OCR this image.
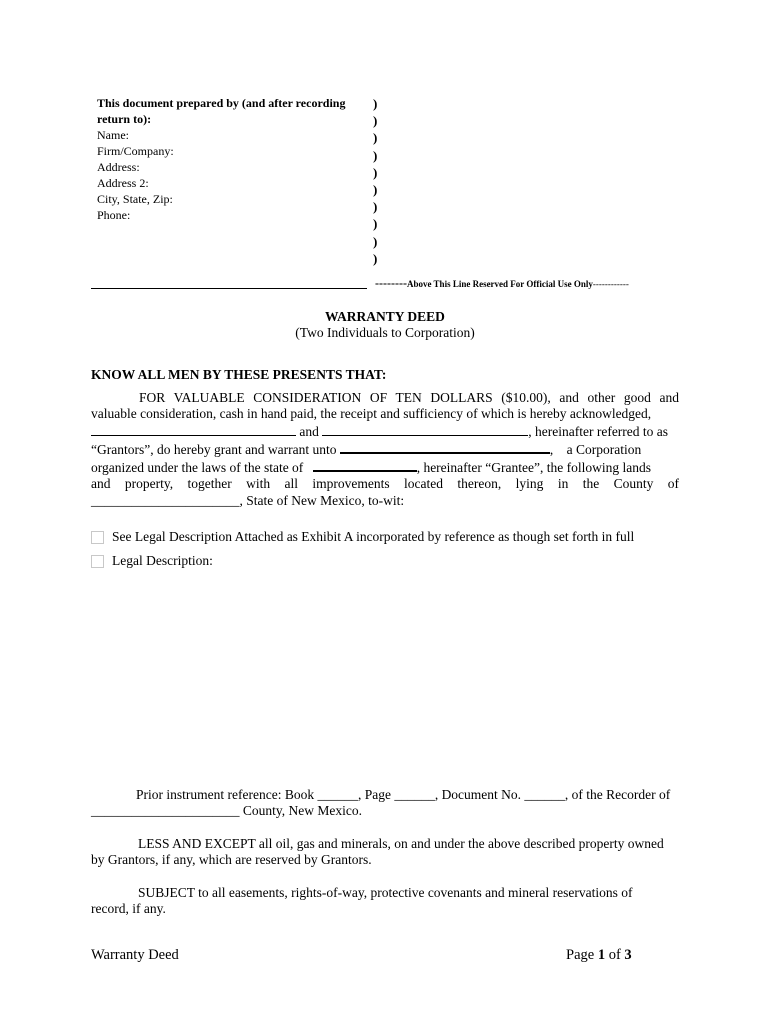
This document prepared by (and after recording return to):
Name:
Firm/Company:
Address:
Address 2:
City, State, Zip:
Phone:
)
)
)
)
)
)
)
)
)
)
--------Above This Line Reserved For Official Use Only------------
WARRANTY DEED
(Two Individuals to Corporation)
KNOW ALL MEN BY THESE PRESENTS THAT:
FOR VALUABLE CONSIDERATION OF TEN DOLLARS ($10.00), and other good and
valuable consideration, cash in hand paid, the receipt and sufficiency of which is hereby acknowledged,
and	, hereinafter referred to as
“Grantors”, do hereby grant and warrant unto	, a Corporation
organized under the laws of the state of	, hereinafter “Grantee”, the following lands
and property, together with all improvements located thereon, lying in the County of
______________________, State of New Mexico, to-wit:
See Legal Description Attached as Exhibit A incorporated by reference as though set forth in full
Legal Description:
Prior instrument reference: Book ______, Page ______, Document No. ______, of the Recorder of
______________________ County, New Mexico.
LESS AND EXCEPT all oil, gas and minerals, on and under the above described property owned
by Grantors, if any, which are reserved by Grantors.
SUBJECT to all easements, rights-of-way, protective covenants and mineral reservations of
record, if any.
Warranty Deed	Page 1 of 3
